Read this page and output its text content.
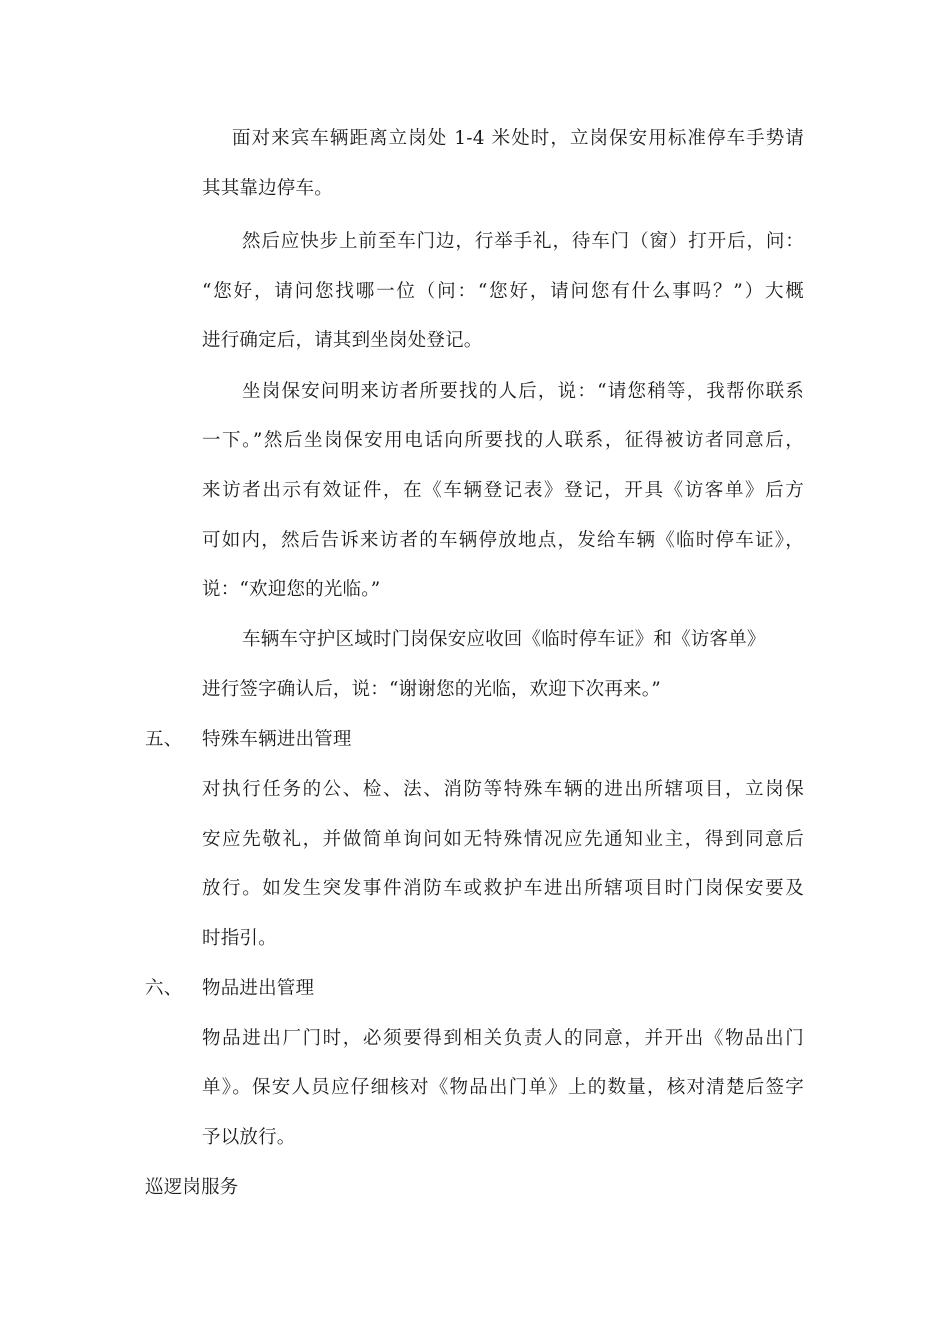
面对来宾车辆距离立岗处 1-4 米处时，立岗保安用标准停车手势请
其其靠边停车。
然后应快步上前至车门边，行举手礼，待车门（窗）打开后，问：
“您好，请问您找哪一位（问：“您好，请问您有什么事吗？”）大概
进行确定后，请其到坐岗处登记。
坐岗保安问明来访者所要找的人后，说：“请您稍等，我帮你联系
一下。”然后坐岗保安用电话向所要找的人联系，征得被访者同意后，
来访者出示有效证件，在《车辆登记表》登记，开具《访客单》后方
可如内，然后告诉来访者的车辆停放地点，发给车辆《临时停车证》，
说：“欢迎您的光临。”
车辆车守护区域时门岗保安应收回《临时停车证》和《访客单》
进行签字确认后，说：“谢谢您的光临，欢迎下次再来。”
五、 特殊车辆进出管理
对执行任务的公、检、法、消防等特殊车辆的进出所辖项目，立岗保
安应先敬礼，并做简单询问如无特殊情况应先通知业主，得到同意后
放行。如发生突发事件消防车或救护车进出所辖项目时门岗保安要及
时指引。
六、 物品进出管理
物品进出厂门时，必须要得到相关负责人的同意，并开出《物品出门
单》。保安人员应仔细核对《物品出门单》上的数量，核对清楚后签字
予以放行。
巡逻岗服务
